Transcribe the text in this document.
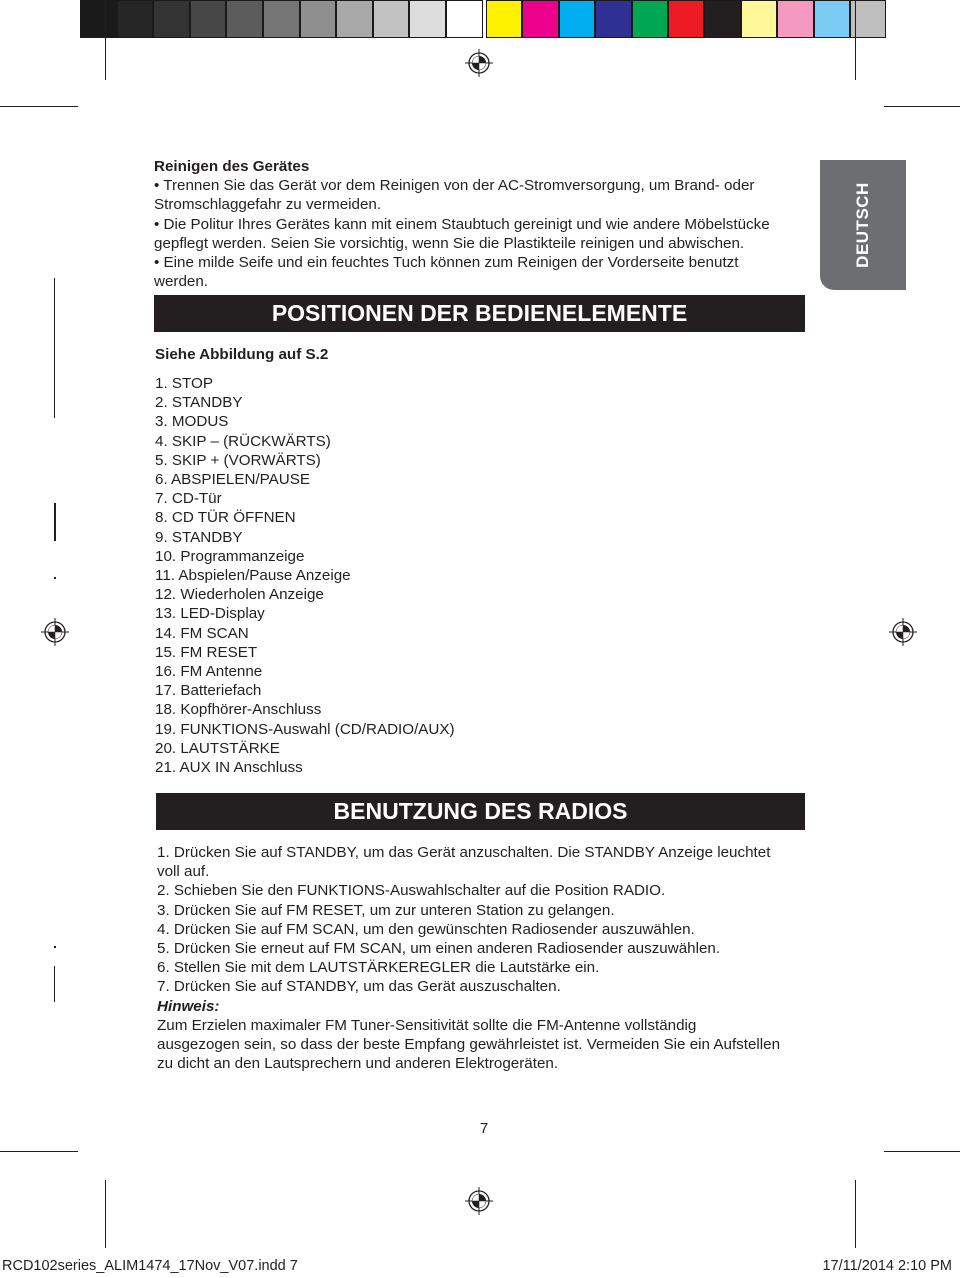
DEUTSCH
Reinigen des Gerätes
• Trennen Sie das Gerät vor dem Reinigen von der AC-Stromversorgung, um Brand- oder
Stromschlaggefahr zu vermeiden.
• Die Politur Ihres Gerätes kann mit einem Staubtuch gereinigt und wie andere Möbelstücke
gepflegt werden. Seien Sie vorsichtig, wenn Sie die Plastikteile reinigen und abwischen.
• Eine milde Seife und ein feuchtes Tuch können zum Reinigen der Vorderseite benutzt
werden.
POSITIONEN DER BEDIENELEMENTE
Siehe Abbildung auf S.2
1. STOP
2. STANDBY
3. MODUS
4. SKIP – (RÜCKWÄRTS)
5. SKIP + (VORWÄRTS)
6. ABSPIELEN/PAUSE
7. CD-Tür
8. CD TÜR ÖFFNEN
9. STANDBY
10. Programmanzeige
11. Abspielen/Pause Anzeige
12. Wiederholen Anzeige
13. LED-Display
14. FM SCAN
15. FM RESET
16. FM Antenne
17. Batteriefach
18. Kopfhörer-Anschluss
19. FUNKTIONS-Auswahl (CD/RADIO/AUX)
20. LAUTSTÄRKE
21. AUX IN Anschluss
BENUTZUNG DES RADIOS
1. Drücken Sie auf STANDBY, um das Gerät anzuschalten. Die STANDBY Anzeige leuchtet
voll auf.
2. Schieben Sie den FUNKTIONS-Auswahlschalter auf die Position RADIO.
3. Drücken Sie auf FM RESET, um zur unteren Station zu gelangen.
4. Drücken Sie auf FM SCAN, um den gewünschten Radiosender auszuwählen.
5. Drücken Sie erneut auf FM SCAN, um einen anderen Radiosender auszuwählen.
6. Stellen Sie mit dem LAUTSTÄRKEREGLER die Lautstärke ein.
7. Drücken Sie auf STANDBY, um das Gerät auszuschalten.
Hinweis:
Zum Erzielen maximaler FM Tuner-Sensitivität sollte die FM-Antenne vollständig
ausgezogen sein, so dass der beste Empfang gewährleistet ist. Vermeiden Sie ein Aufstellen
zu dicht an den Lautsprechern und anderen Elektrogeräten.
7
RCD102series_ALIM1474_17Nov_V07.indd 7	17/11/2014 2:10 PM
